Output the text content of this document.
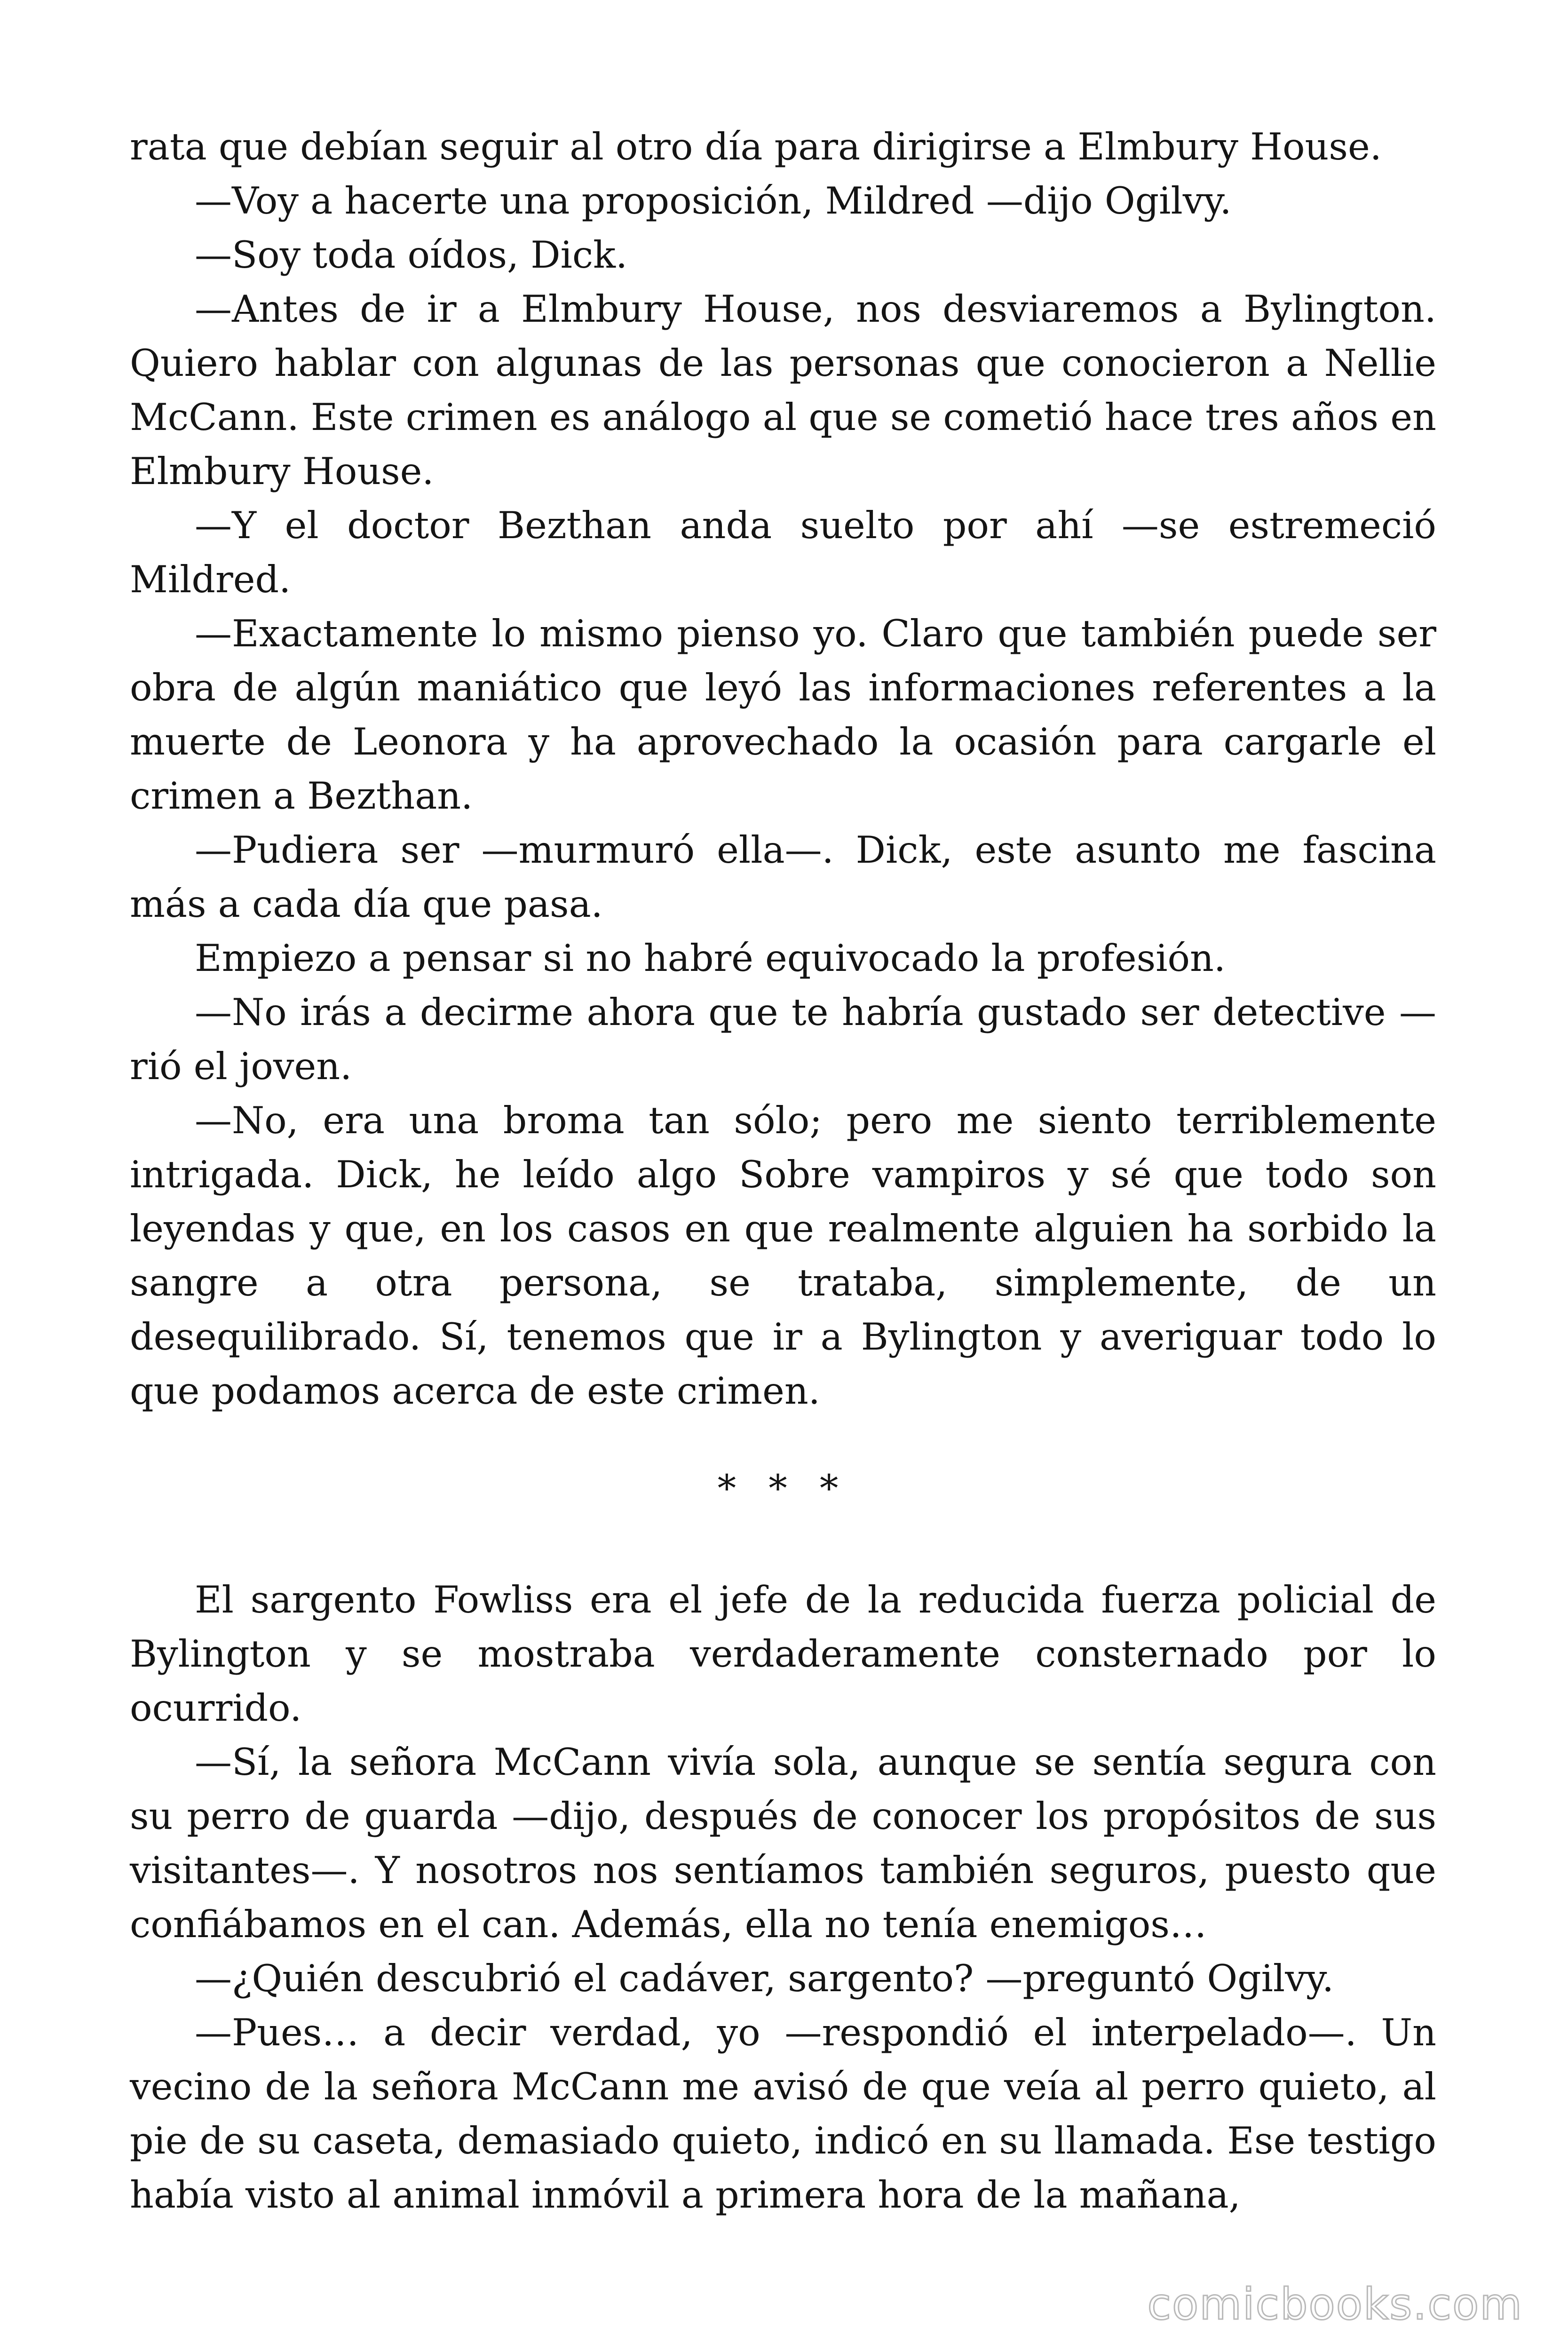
rata que debían seguir al otro día para dirigirse a Elmbury House.

—Voy a hacerte una proposición, Mildred —dijo Ogilvy.

—Soy toda oídos, Dick.

—Antes de ir a Elmbury House, nos desviaremos a Bylington. Quiero hablar con algunas de las personas que conocieron a Nellie McCann. Este crimen es análogo al que se cometió hace tres años en Elmbury House.

—Y el doctor Bezthan anda suelto por ahí —se estremeció Mildred.

—Exactamente lo mismo pienso yo. Claro que también puede ser obra de algún maniático que leyó las informaciones referentes a la muerte de Leonora y ha aprovechado la ocasión para cargarle el crimen a Bezthan.

—Pudiera ser —murmuró ella—. Dick, este asunto me fascina más a cada día que pasa.

Empiezo a pensar si no habré equivocado la profesión.

—No irás a decirme ahora que te habría gustado ser detective —rió el joven.

—No, era una broma tan sólo; pero me siento terriblemente intrigada. Dick, he leído algo Sobre vampiros y sé que todo son leyendas y que, en los casos en que realmente alguien ha sorbido la sangre a otra persona, se trataba, simplemente, de un desequilibrado. Sí, tenemos que ir a Bylington y averiguar todo lo que podamos acerca de este crimen.

* * *

El sargento Fowliss era el jefe de la reducida fuerza policial de Bylington y se mostraba verdaderamente consternado por lo ocurrido.

—Sí, la señora McCann vivía sola, aunque se sentía segura con su perro de guarda —dijo, después de conocer los propósitos de sus visitantes—. Y nosotros nos sentíamos también seguros, puesto que confiábamos en el can. Además, ella no tenía enemigos…

—¿Quién descubrió el cadáver, sargento? —preguntó Ogilvy.

—Pues… a decir verdad, yo —respondió el interpelado—. Un vecino de la señora McCann me avisó de que veía al perro quieto, al pie de su caseta, demasiado quieto, indicó en su llamada. Ese testigo había visto al animal inmóvil a primera hora de la mañana,

comicbooks.com
